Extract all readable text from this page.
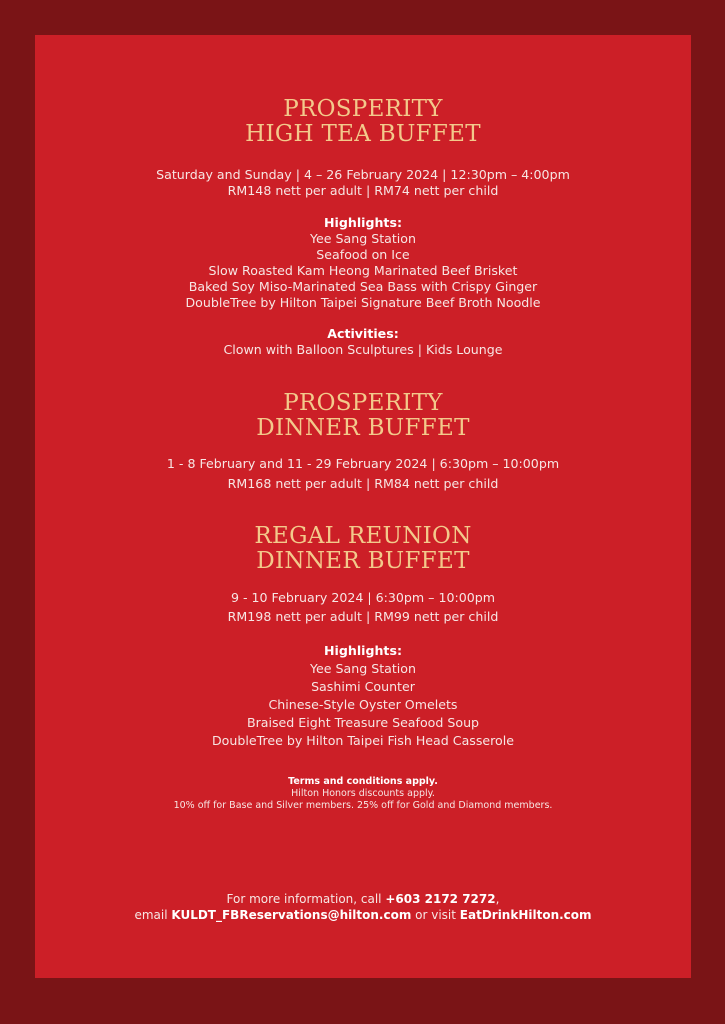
PROSPERITY

HIGH TEA BUFFET

Saturday and Sunday | 4 – 26 February 2024 | 12:30pm – 4:00pm

RM148 nett per adult | RM74 nett per child

Highlights:

Yee Sang Station

Seafood on Ice

Slow Roasted Kam Heong Marinated Beef Brisket

Baked Soy Miso-Marinated Sea Bass with Crispy Ginger

DoubleTree by Hilton Taipei Signature Beef Broth Noodle

Activities:

Clown with Balloon Sculptures | Kids Lounge

PROSPERITY

DINNER BUFFET

1 - 8 February and 11 - 29 February 2024 | 6:30pm – 10:00pm

RM168 nett per adult | RM84 nett per child

REGAL REUNION

DINNER BUFFET

9 - 10 February 2024 | 6:30pm – 10:00pm

RM198 nett per adult | RM99 nett per child

Highlights:

Yee Sang Station

Sashimi Counter

Chinese-Style Oyster Omelets

Braised Eight Treasure Seafood Soup

DoubleTree by Hilton Taipei Fish Head Casserole

Terms and conditions apply.

Hilton Honors discounts apply.

10% off for Base and Silver members. 25% off for Gold and Diamond members.

For more information, call +603 2172 7272,

email KULDT_FBReservations@hilton.com or visit EatDrinkHilton.com
